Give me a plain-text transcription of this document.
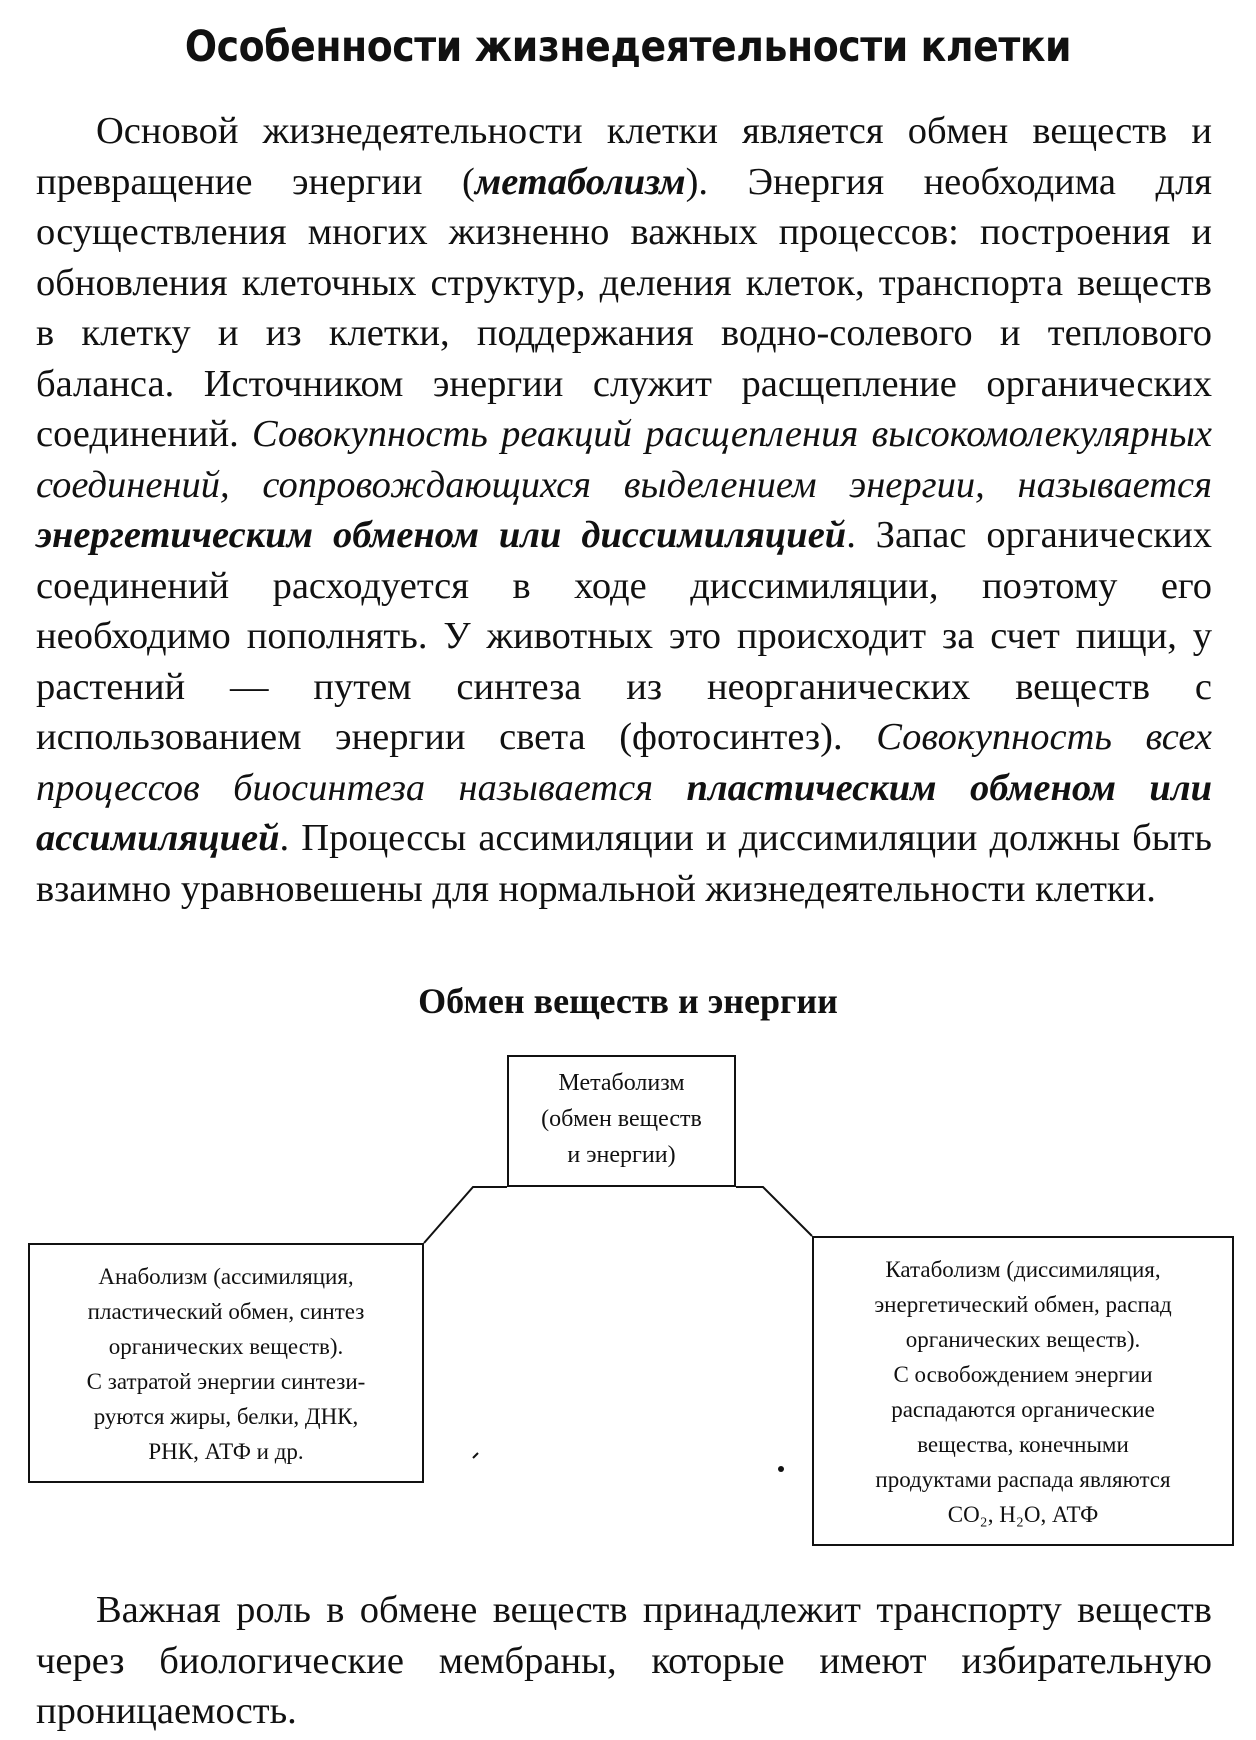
Особенности жизнедеятельности клетки

Основой жизнедеятельности клетки является обмен веществ и превращение энергии (метаболизм). Энергия необходима для осуществления многих жизненно важных процессов: построения и обновления клеточных структур, деления клеток, транспорта веществ в клетку и из клетки, поддержания водно-солевого и теплового баланса. Источником энергии служит расщепление органических соединений. Совокупность реакций расщепления высокомолекулярных соединений, сопровождающихся выделением энергии, называется энергетическим обменом или диссимиляцией. Запас органических соединений расходуется в ходе диссимиляции, поэтому его необходимо пополнять. У животных это происходит за счет пищи, у растений — путем синтеза из неорганических веществ с использованием энергии света (фотосинтез). Совокупность всех процессов биосинтеза называется пластическим обменом или ассимиляцией. Процессы ассимиляции и диссимиляции должны быть взаимно уравновешены для нормальной жизнедеятельности клетки.

Обмен веществ и энергии
Метаболизм
(обмен веществ
и энергии)
Анаболизм (ассимиляция,
пластический обмен, синтез
органических веществ).
С затратой энергии синтези-
руются жиры, белки, ДНК,
РНК, АТФ и др.
Катаболизм (диссимиляция,
энергетический обмен, распад
органических веществ).
С освобождением энергии
распадаются органические
вещества, конечными
продуктами распада являются
CO₂, H₂O, АТФ

Важная роль в обмене веществ принадлежит транспорту веществ через биологические мембраны, которые имеют избирательную проницаемость.
